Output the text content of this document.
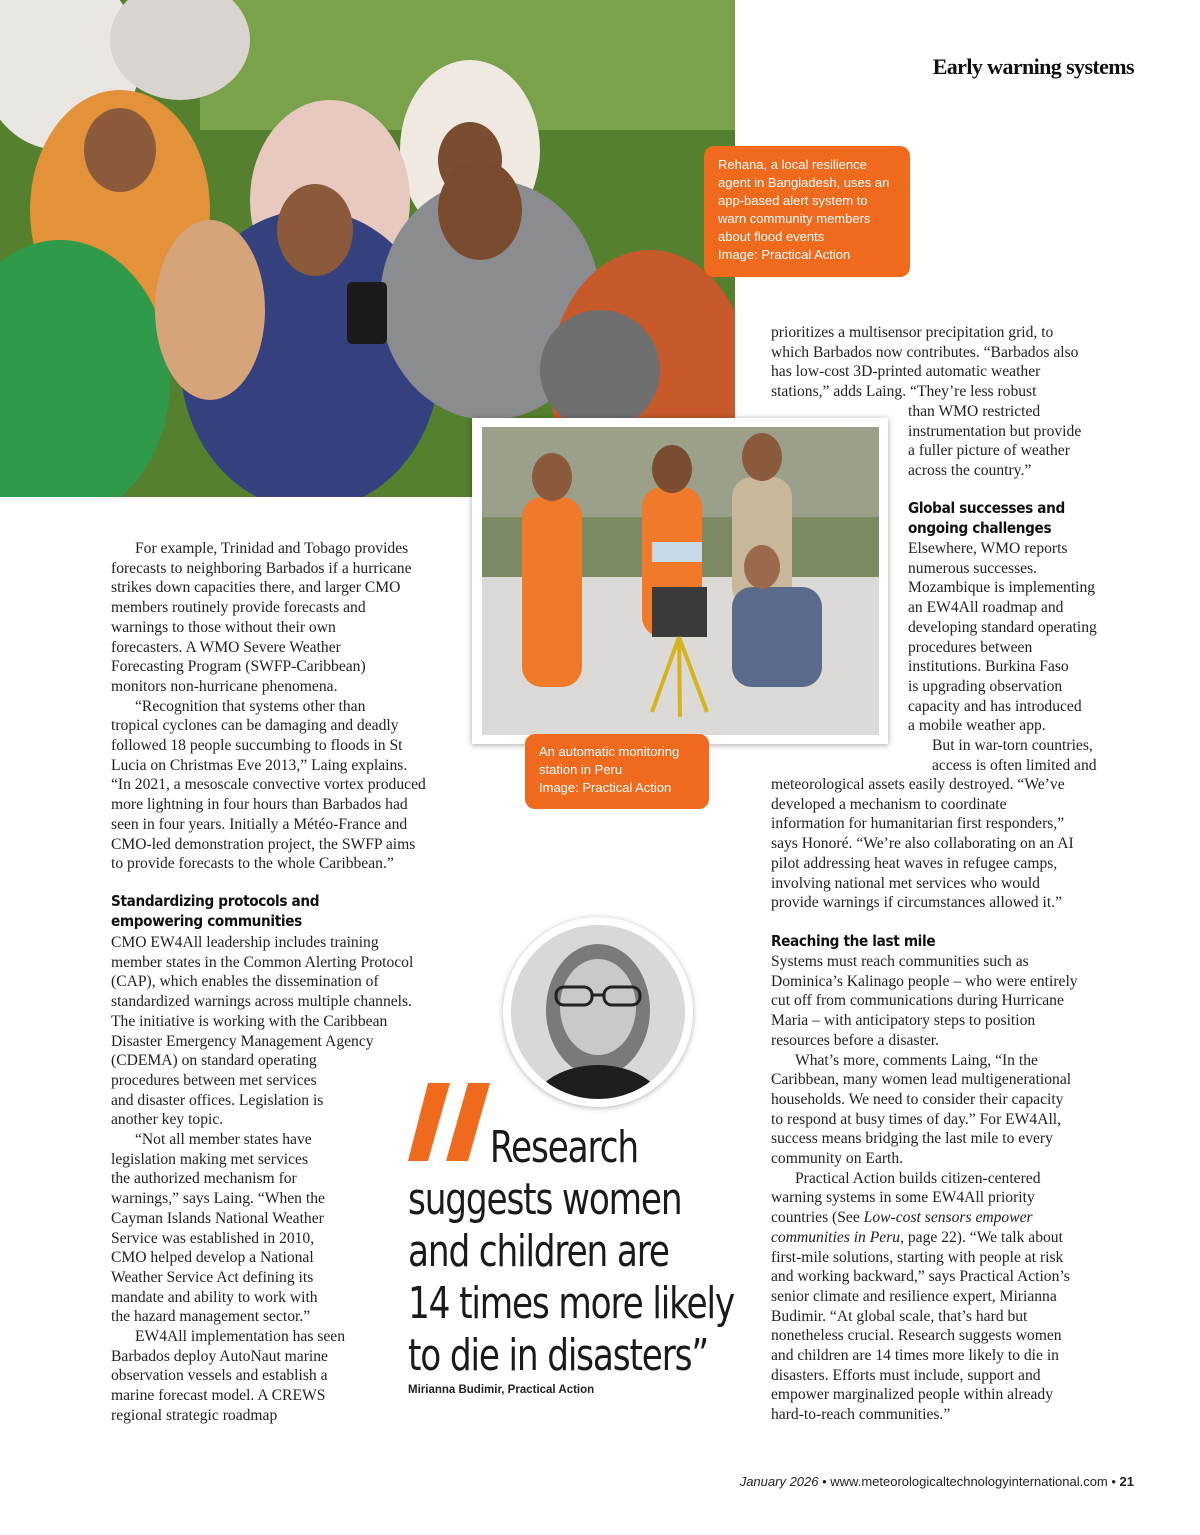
Early warning systems
Rehana, a local resilience
agent in Bangladesh, uses an
app-based alert system to
warn community members
about flood events
Image: Practical Action
prioritizes a multisensor precipitation grid, to
which Barbados now contributes. “Barbados also
has low-cost 3D-printed automatic weather
stations,” adds Laing. “They’re less robust
than WMO restricted
instrumentation but provide
a fuller picture of weather
across the country.”
Global successes and
ongoing challenges
Elsewhere, WMO reports
numerous successes.
Mozambique is implementing
an EW4All roadmap and
developing standard operating
procedures between
institutions. Burkina Faso
is upgrading observation
capacity and has introduced
a mobile weather app.
But in war-torn countries,
access is often limited and
meteorological assets easily destroyed. “We’ve
developed a mechanism to coordinate
information for humanitarian first responders,”
says Honoré. “We’re also collaborating on an AI
pilot addressing heat waves in refugee camps,
involving national met services who would
provide warnings if circumstances allowed it.”
Reaching the last mile
Systems must reach communities such as
Dominica’s Kalinago people – who were entirely
cut off from communications during Hurricane
Maria – with anticipatory steps to position
resources before a disaster.
What’s more, comments Laing, “In the
Caribbean, many women lead multigenerational
households. We need to consider their capacity
to respond at busy times of day.” For EW4All,
success means bridging the last mile to every
community on Earth.
Practical Action builds citizen-centered
warning systems in some EW4All priority
countries (See Low-cost sensors empower
communities in Peru, page 22). “We talk about
first-mile solutions, starting with people at risk
and working backward,” says Practical Action’s
senior climate and resilience expert, Mirianna
Budimir. “At global scale, that’s hard but
nonetheless crucial. Research suggests women
and children are 14 times more likely to die in
disasters. Efforts must include, support and
empower marginalized people within already
hard-to-reach communities.”
An automatic monitoring
station in Peru
Image: Practical Action
For example, Trinidad and Tobago provides
forecasts to neighboring Barbados if a hurricane
strikes down capacities there, and larger CMO
members routinely provide forecasts and
warnings to those without their own
forecasters. A WMO Severe Weather
Forecasting Program (SWFP-Caribbean)
monitors non-hurricane phenomena.
“Recognition that systems other than
tropical cyclones can be damaging and deadly
followed 18 people succumbing to floods in St
Lucia on Christmas Eve 2013,” Laing explains.
“In 2021, a mesoscale convective vortex produced
more lightning in four hours than Barbados had
seen in four years. Initially a Météo-France and
CMO-led demonstration project, the SWFP aims
to provide forecasts to the whole Caribbean.”
Standardizing protocols and
empowering communities
CMO EW4All leadership includes training
member states in the Common Alerting Protocol
(CAP), which enables the dissemination of
standardized warnings across multiple channels.
The initiative is working with the Caribbean
Disaster Emergency Management Agency
(CDEMA) on standard operating
procedures between met services
and disaster offices. Legislation is
another key topic.
“Not all member states have
legislation making met services
the authorized mechanism for
warnings,” says Laing. “When the
Cayman Islands National Weather
Service was established in 2010,
CMO helped develop a National
Weather Service Act defining its
mandate and ability to work with
the hazard management sector.”
EW4All implementation has seen
Barbados deploy AutoNaut marine
observation vessels and establish a
marine forecast model. A CREWS
regional strategic roadmap
Research
suggests women
and children are
14 times more likely
to die in disasters”
Mirianna Budimir, Practical Action
January 2026 • www.meteorologicaltechnologyinternational.com • 21
